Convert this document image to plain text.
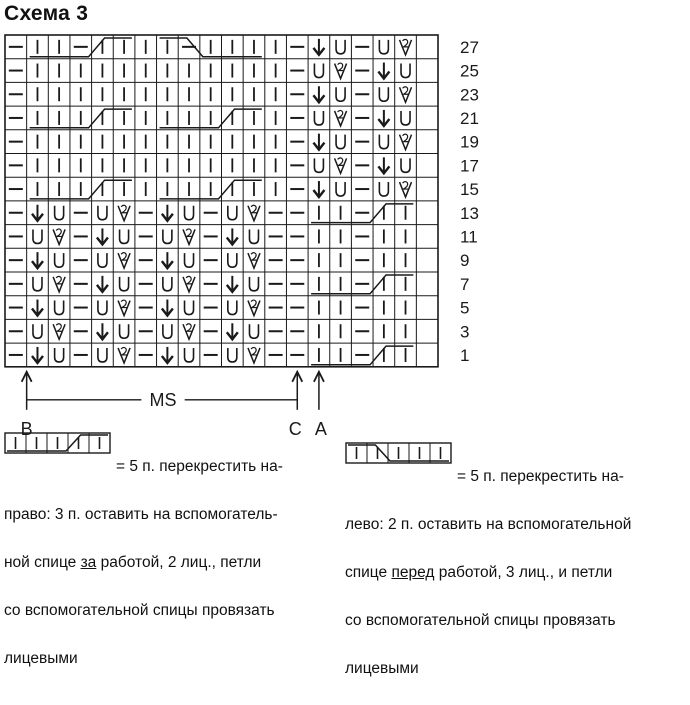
Схема 3
27
25
23
21
19
17
15
13
11
9
7
5
3
1
MS
B	C A

= 5 п. перекрестить на-

право: 3 п. оставить на вспомогатель-

ной спице за работой, 2 лиц., петли

со вспомогательной спицы провязать

лицевыми

= 5 п. перекрестить на-

лево: 2 п. оставить на вспомогательной

спице перед работой, 3 лиц., и петли

со вспомогательной спицы провязать

лицевыми
